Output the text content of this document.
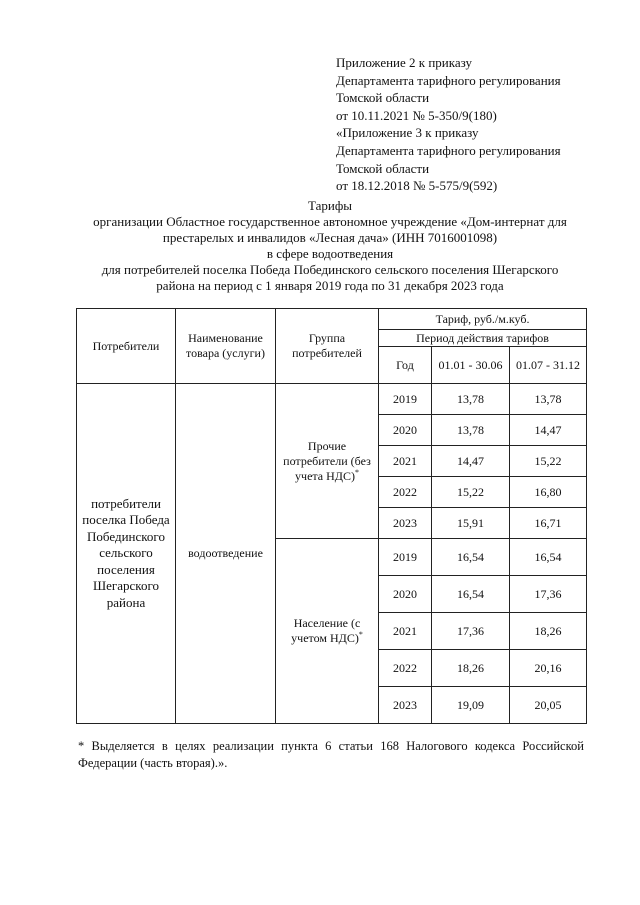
Приложение 2 к приказу
Департамента тарифного регулирования
Томской области
от 10.11.2021 № 5-350/9(180)
«Приложение 3 к приказу
Департамента тарифного регулирования
Томской области
от 18.12.2018 № 5-575/9(592)
Тарифы
организации Областное государственное автономное учреждение «Дом-интернат для
престарелых и инвалидов «Лесная дача» (ИНН 7016001098)
в сфере водоотведения
для потребителей поселка Победа Побединского сельского поселения Шегарского
района на период с 1 января 2019 года по 31 декабря 2023 года
Потребители	Наименование товара (услуги)	Группа потребителей	Тариф, руб./м.куб.		
			Период действия тарифов		
			Год	01.01 - 30.06	01.07 - 31.12
потребители поселка Победа Побединского сельского поселения Шегарского района	водоотведение	Прочие потребители (без учета НДС)*	2019	13,78	13,78
			2020	13,78	14,47
			2021	14,47	15,22
			2022	15,22	16,80
			2023	15,91	16,71
		Население (с учетом НДС)*	2019	16,54	16,54
			2020	16,54	17,36
			2021	17,36	18,26
			2022	18,26	20,16
			2023	19,09	20,05
* Выделяется в целях реализации пункта 6 статьи 168 Налогового кодекса Российской Федерации (часть вторая).».
